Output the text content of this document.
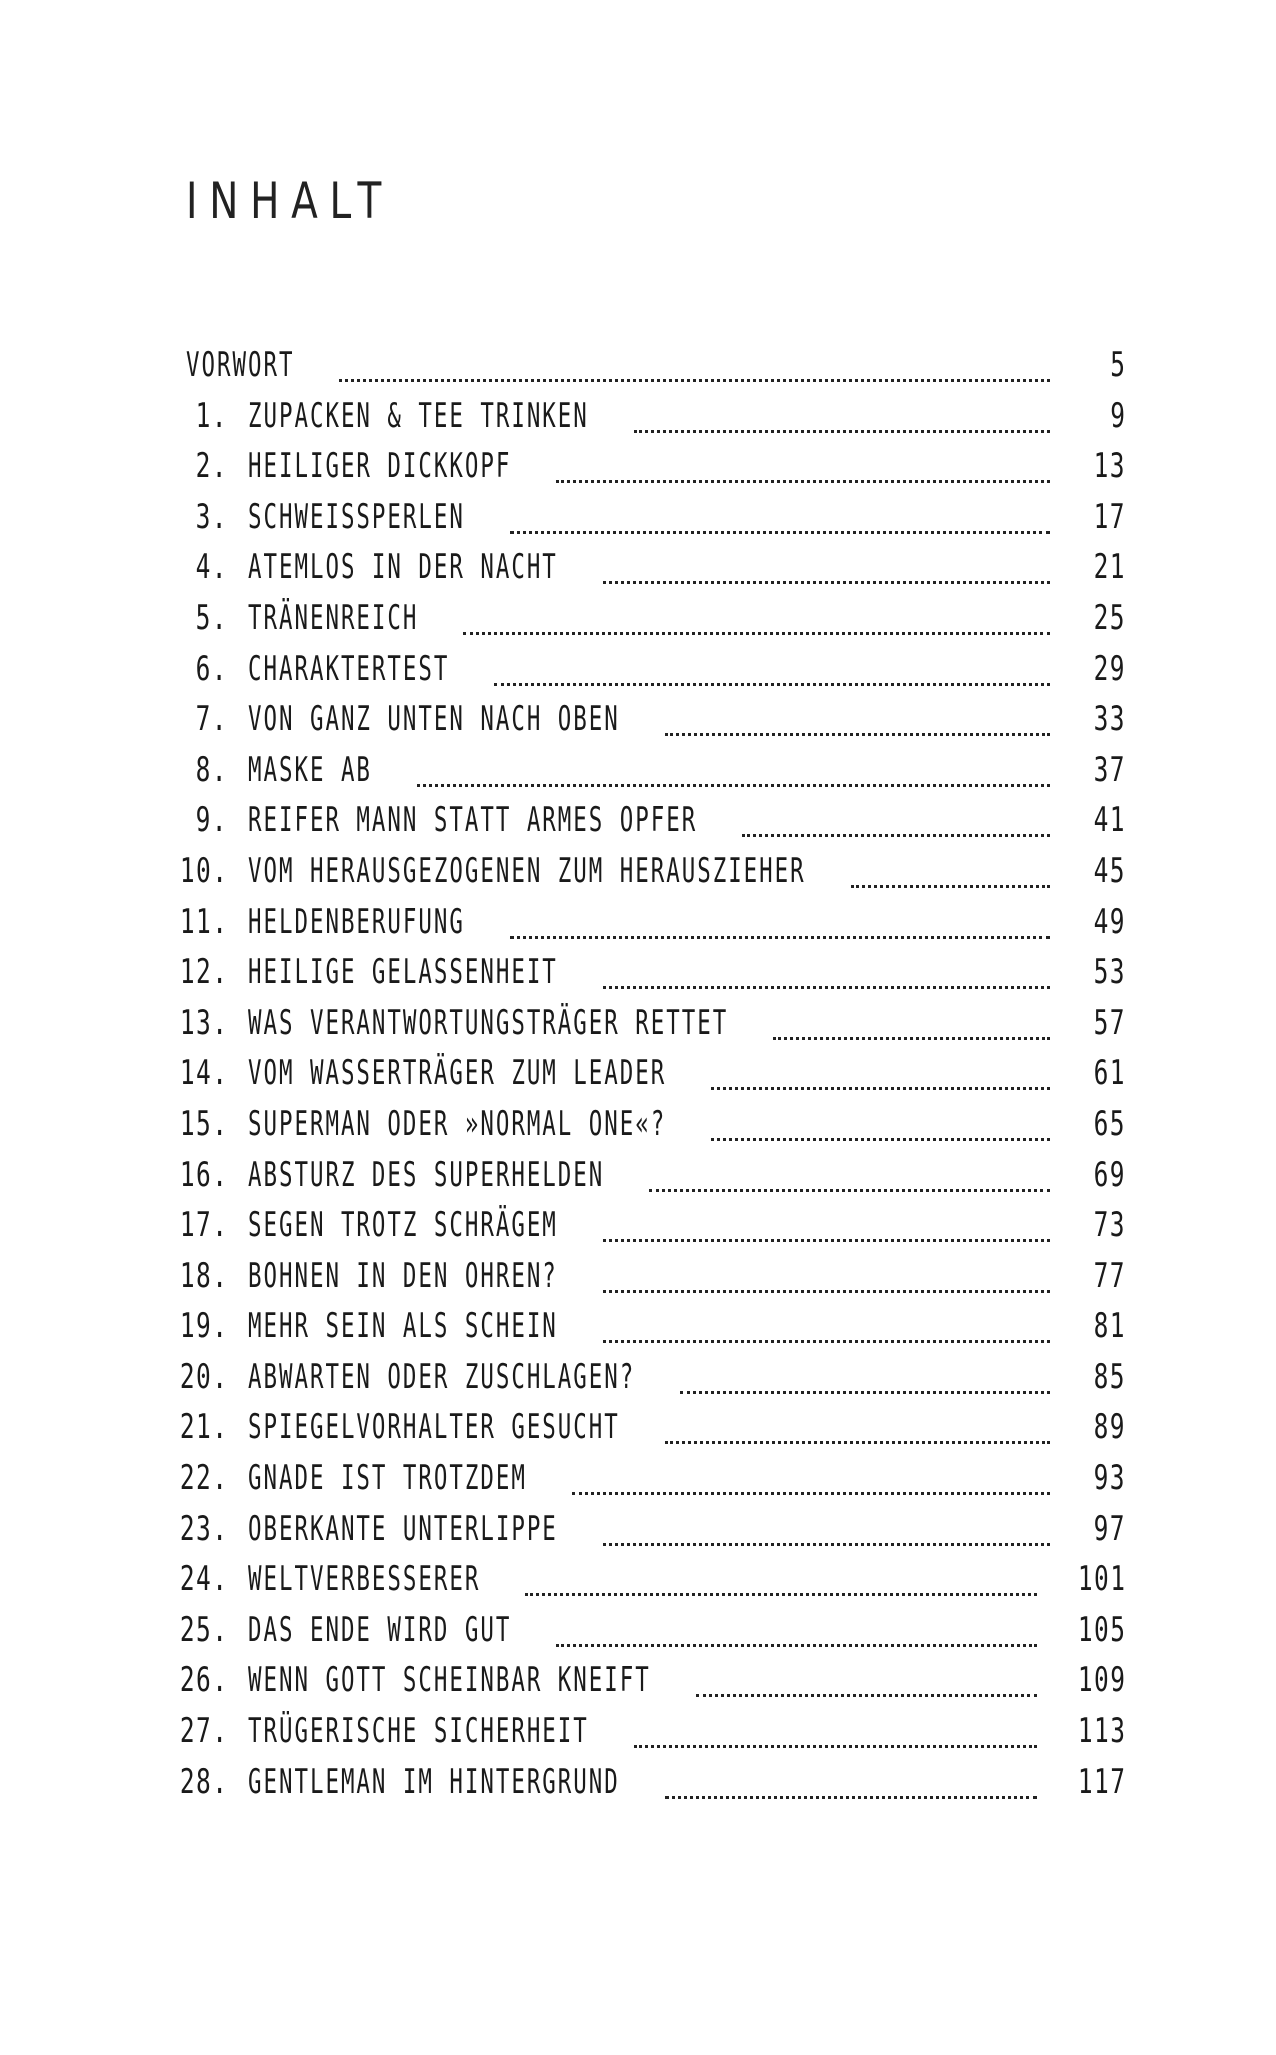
INHALT
VORWORT	5
1. ZUPACKEN & TEE TRINKEN	9
2. HEILIGER DICKKOPF	13
3. SCHWEISSPERLEN	17
4. ATEMLOS IN DER NACHT	21
5. TRÄNENREICH	25
6. CHARAKTERTEST	29
7. VON GANZ UNTEN NACH OBEN	33
8. MASKE AB	37
9. REIFER MANN STATT ARMES OPFER	41
10. VOM HERAUSGEZOGENEN ZUM HERAUSZIEHER	45
11. HELDENBERUFUNG	49
12. HEILIGE GELASSENHEIT	53
13. WAS VERANTWORTUNGSTRÄGER RETTET	57
14. VOM WASSERTRÄGER ZUM LEADER	61
15. SUPERMAN ODER »NORMAL ONE«?	65
16. ABSTURZ DES SUPERHELDEN	69
17. SEGEN TROTZ SCHRÄGEM	73
18. BOHNEN IN DEN OHREN?	77
19. MEHR SEIN ALS SCHEIN	81
20. ABWARTEN ODER ZUSCHLAGEN?	85
21. SPIEGELVORHALTER GESUCHT	89
22. GNADE IST TROTZDEM	93
23. OBERKANTE UNTERLIPPE	97
24. WELTVERBESSERER	101
25. DAS ENDE WIRD GUT	105
26. WENN GOTT SCHEINBAR KNEIFT	109
27. TRÜGERISCHE SICHERHEIT	113
28. GENTLEMAN IM HINTERGRUND	117
